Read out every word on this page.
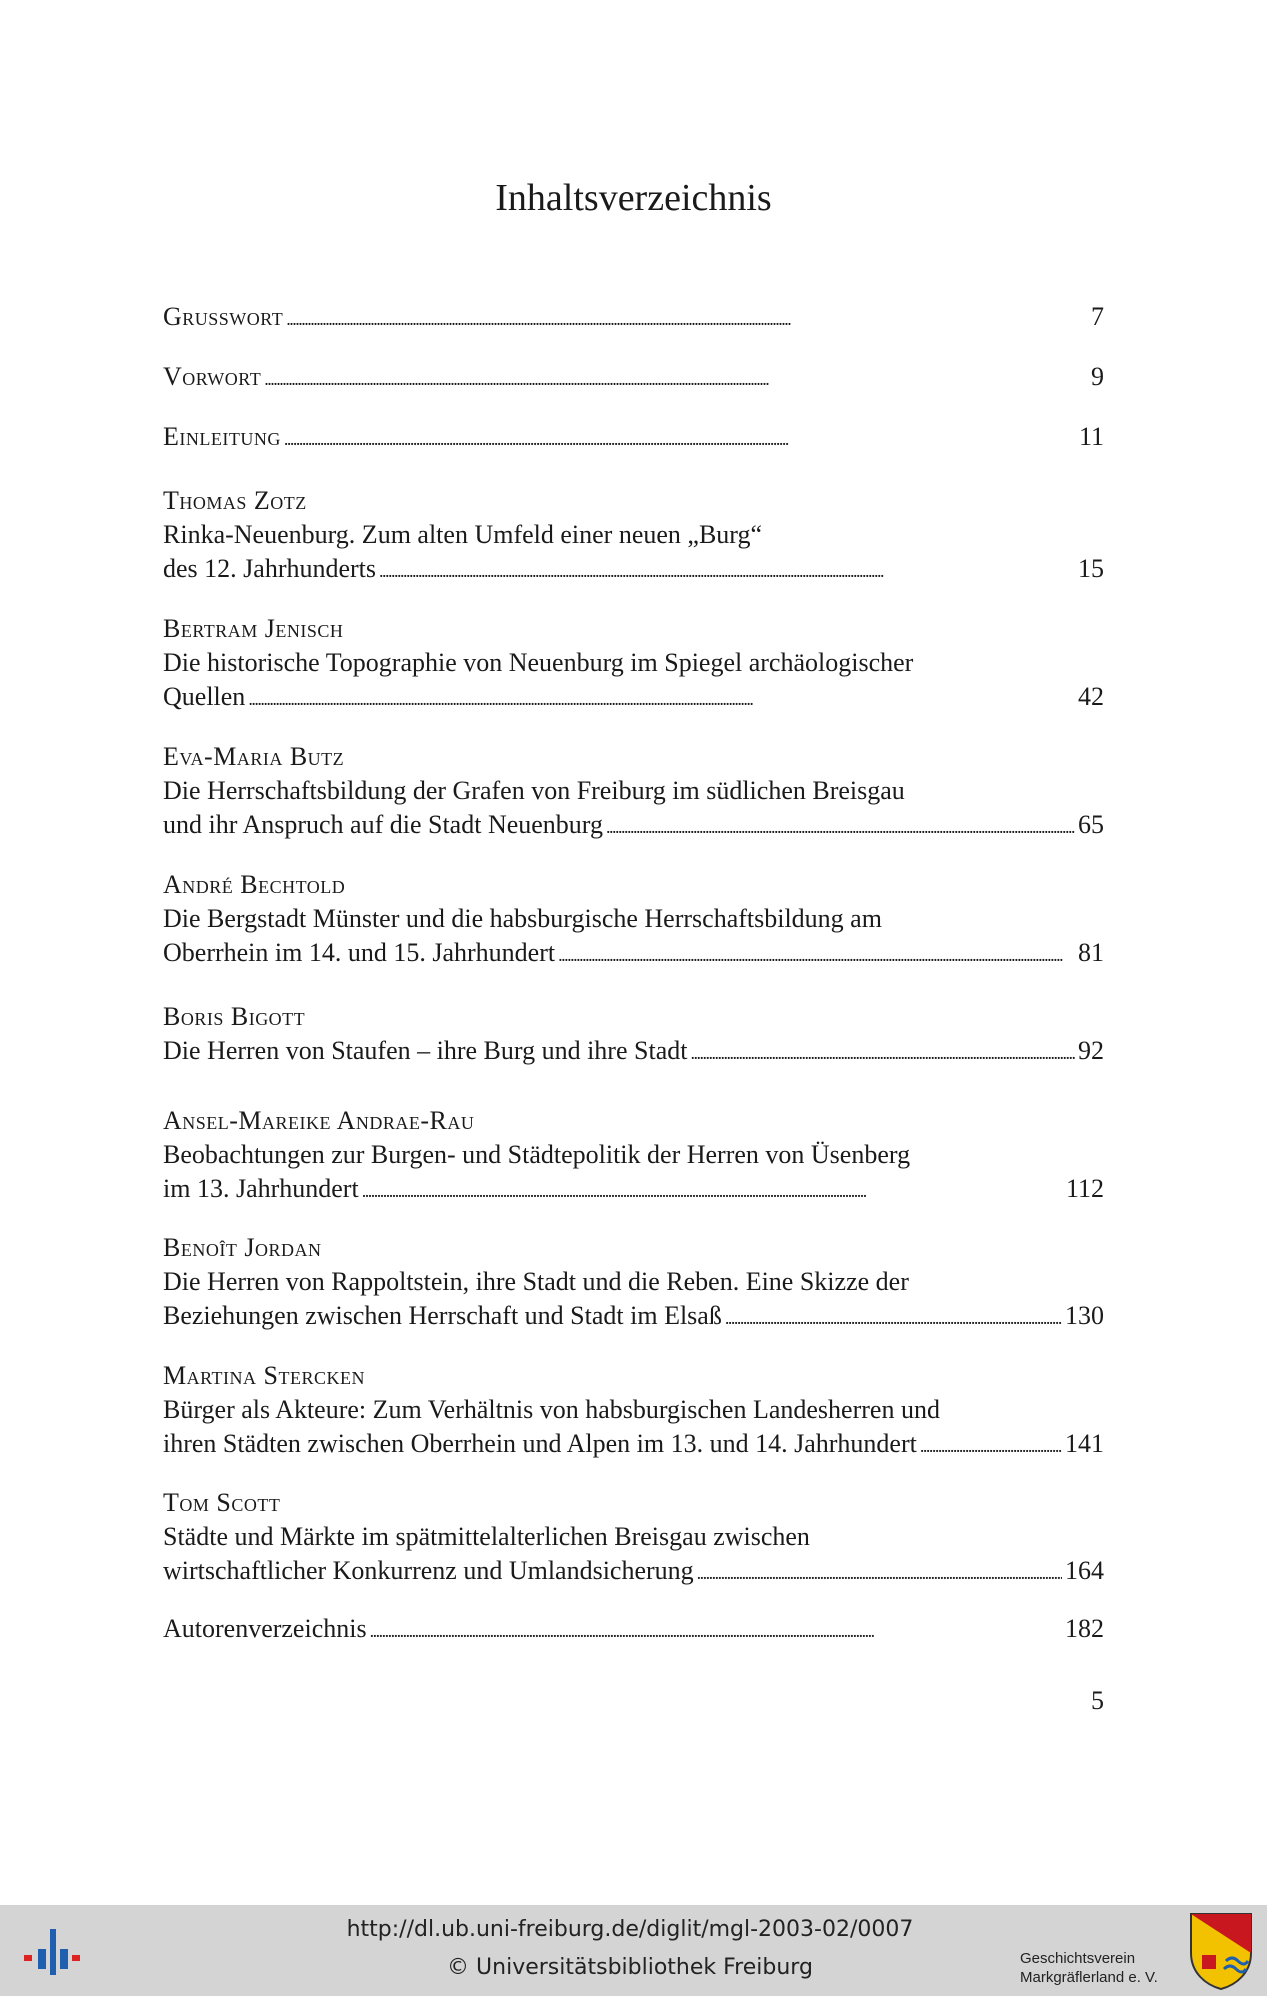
Inhaltsverzeichnis
Grusswort . . .	7
Vorwort . . .	9
Einleitung . . .	11
Thomas Zotz
Rinka-Neuenburg. Zum alten Umfeld einer neuen „Burg“
des 12. Jahrhunderts . . .	15
Bertram Jenisch
Die historische Topographie von Neuenburg im Spiegel archäologischer
Quellen . . .	42
Eva-Maria Butz
Die Herrschaftsbildung der Grafen von Freiburg im südlichen Breisgau
und ihr Anspruch auf die Stadt Neuenburg . . .	65
André Bechtold
Die Bergstadt Münster und die habsburgische Herrschaftsbildung am
Oberrhein im 14. und 15. Jahrhundert . . .	81
Boris Bigott
Die Herren von Staufen – ihre Burg und ihre Stadt . . .	92
Ansel-Mareike Andrae-Rau
Beobachtungen zur Burgen- und Städtepolitik der Herren von Üsenberg
im 13. Jahrhundert . . .	112
Benoît Jordan
Die Herren von Rappoltstein, ihre Stadt und die Reben. Eine Skizze der
Beziehungen zwischen Herrschaft und Stadt im Elsaß . . .	130
Martina Stercken
Bürger als Akteure: Zum Verhältnis von habsburgischen Landesherren und
ihren Städten zwischen Oberrhein und Alpen im 13. und 14. Jahrhundert . . .	141
Tom Scott
Städte und Märkte im spätmittelalterlichen Breisgau zwischen
wirtschaftlicher Konkurrenz und Umlandsicherung . . .	164
Autorenverzeichnis . . .	182
5
http://dl.ub.uni-freiburg.de/diglit/mgl-2003-02/0007
© Universitätsbibliothek Freiburg	Geschichtsverein
Markgräflerland e. V.
